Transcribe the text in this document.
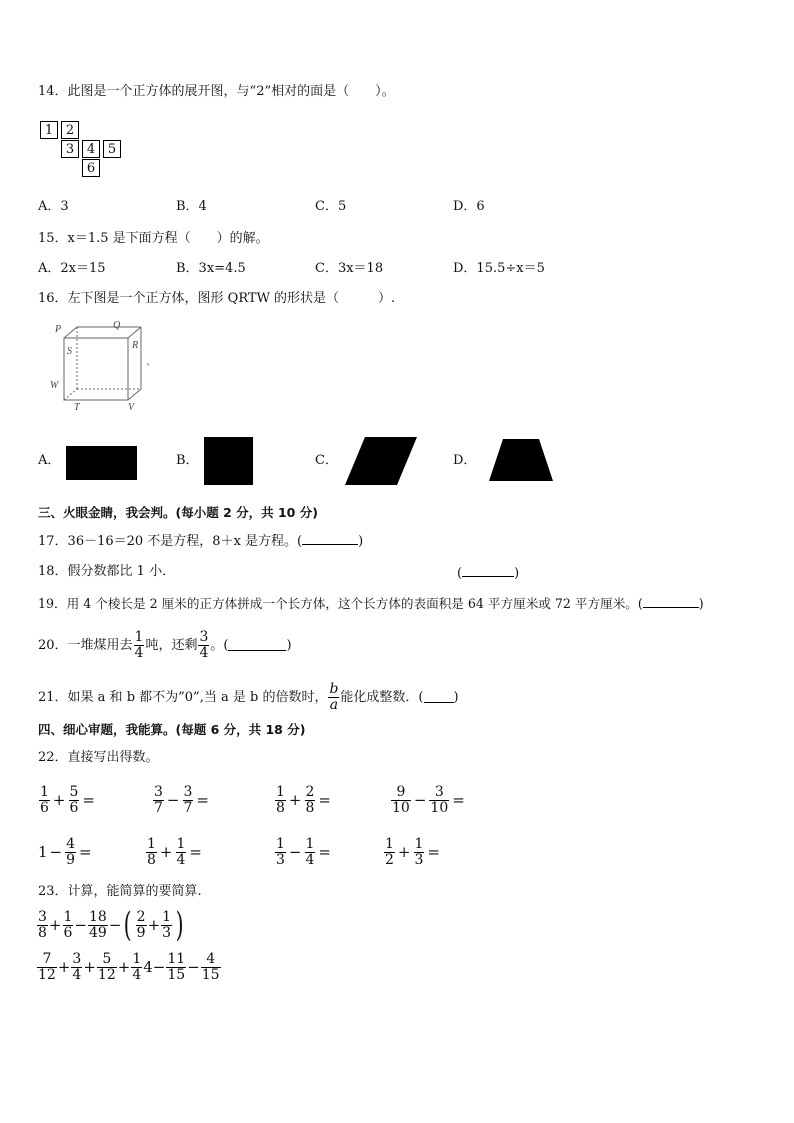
14．此图是一个正方体的展开图，与“2”相对的面是（　　）。
1 2
3 4 5
6
A．3	B．4	C．5	D．6
15．x＝1.5 是下面方程（　　）的解。
A．2x＝15	B．3x=4.5	C．3x＝18	D．15.5÷x＝5
16．左下图是一个正方体，图形 QRTW 的形状是（　　　）.
P	Q
S
R
W
T	V
、
A．	B．	C．	D．
三、火眼金睛，我会判。(每小题 2 分，共 10 分)
17．36－16＝20 不是方程，8＋x 是方程。(	)
18．假分数都比 1 小．	(	)
19．用 4 个棱长是 2 厘米的正方体拼成一个长方体，这个长方体的表面积是 64 平方厘米或 72 平方厘米。(	)
20．一堆煤用去 $\frac{1}{4}$ 吨，还剩 $\frac{3}{4}$ 。(	)
21．如果 a 和 b 都不为”0”,当 a 是 b 的倍数时， $\frac{b}{a}$ 能化成整数．( )
四、细心审题，我能算。(每题 6 分，共 18 分)
22．直接写出得数。
$\frac{1}{6} + \frac{5}{6}$ =	$\frac{3}{7} - \frac{3}{7}$ =	$\frac{1}{8} + \frac{2}{8}$ =	$\frac{9}{10} - \frac{3}{10}$ =
$1 - \frac{4}{9}$ =	$\frac{1}{8} + \frac{1}{4}$ =	$\frac{1}{3} - \frac{1}{4}$ =	$\frac{1}{2} + \frac{1}{3}$ =
23．计算，能简算的要简算.
$\frac{3}{8} + \frac{1}{6} - \frac{18}{49}$ − ( $\frac{2}{9} + \frac{1}{3}$ )
$\frac{7}{12} + \frac{3}{4} + \frac{5}{12} + \frac{1}{4} 4 - \frac{11}{15} - \frac{4}{15}$
